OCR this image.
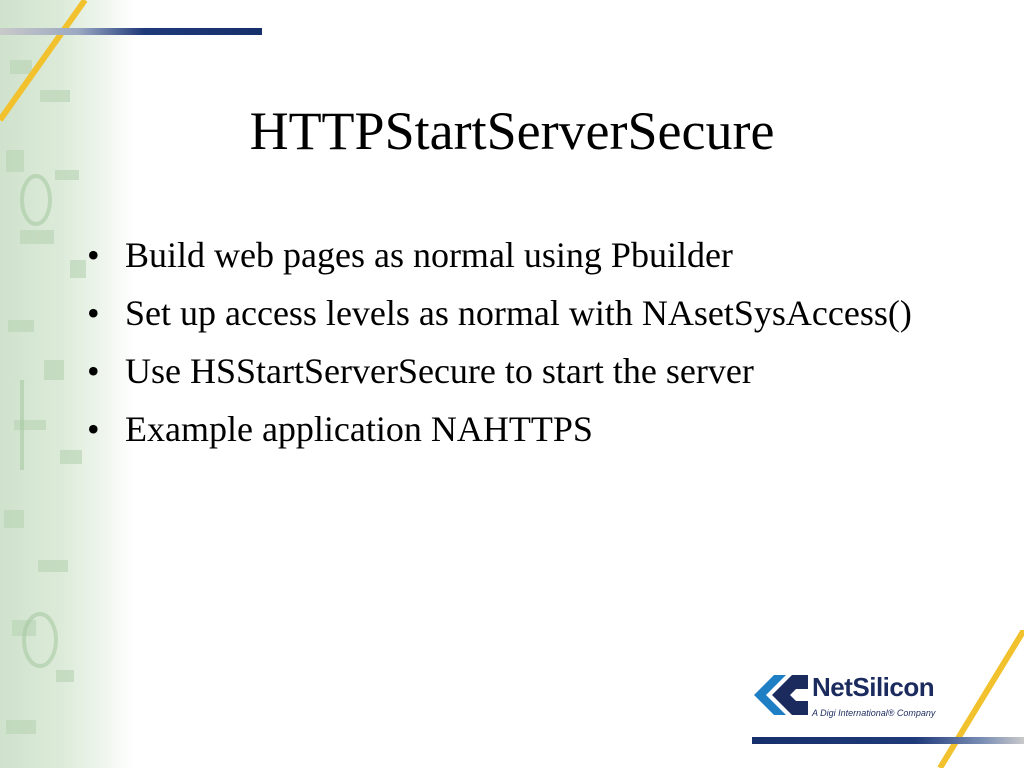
HTTPStartServerSecure
• Build web pages as normal using Pbuilder
• Set up access levels as normal with NAsetSysAccess()
• Use HSStartServerSecure to start the server
• Example application NAHTTPS
NetSilicon
A Digi International® Company
